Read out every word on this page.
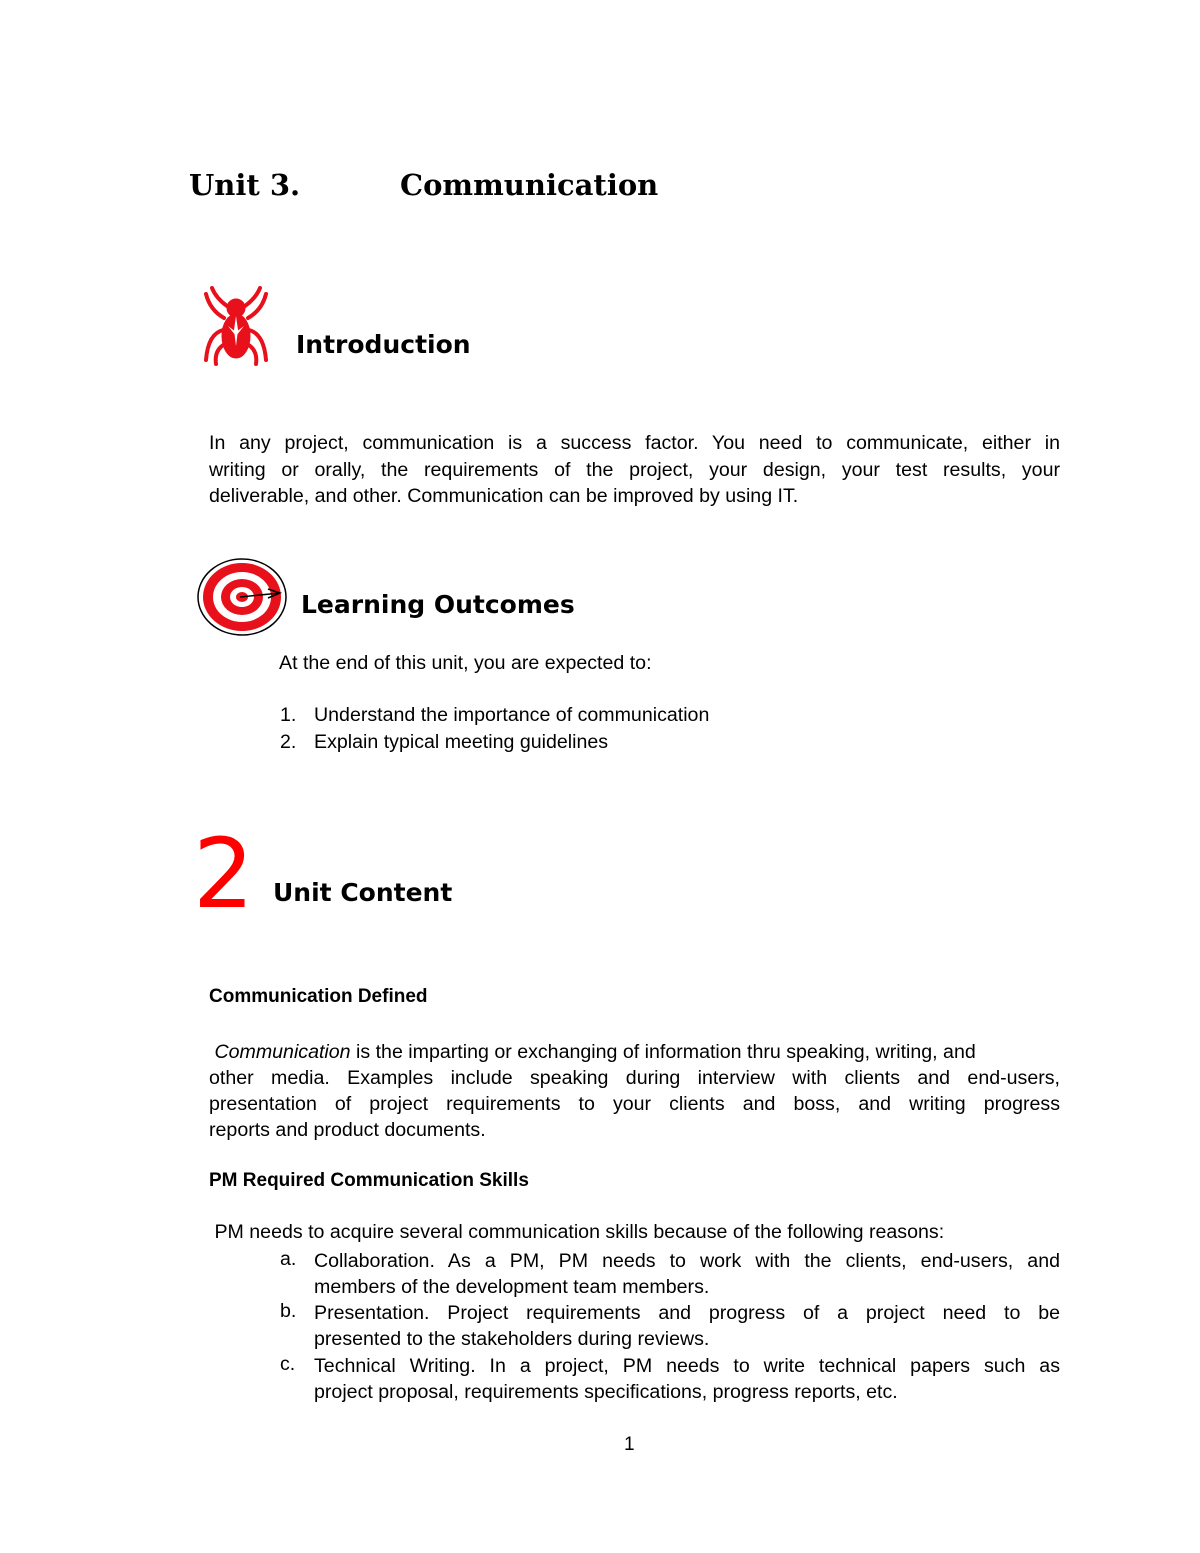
Unit 3.	Communication
Introduction
In any project, communication is a success factor. You need to communicate, either in
writing or orally, the requirements of the project, your design, your test results, your
deliverable, and other. Communication can be improved by using IT.
Learning Outcomes
At the end of this unit, you are expected to:
1. Understand the importance of communication
2. Explain typical meeting guidelines
2 Unit Content
Communication Defined
Communication is the imparting or exchanging of information thru speaking, writing, and
other media. Examples include speaking during interview with clients and end-users,
presentation of project requirements to your clients and boss, and writing progress
reports and product documents.
PM Required Communication Skills
PM needs to acquire several communication skills because of the following reasons:
a. Collaboration. As a PM, PM needs to work with the clients, end-users, and
members of the development team members.
b. Presentation. Project requirements and progress of a project need to be
presented to the stakeholders during reviews.
c. Technical Writing. In a project, PM needs to write technical papers such as
project proposal, requirements specifications, progress reports, etc.
1
